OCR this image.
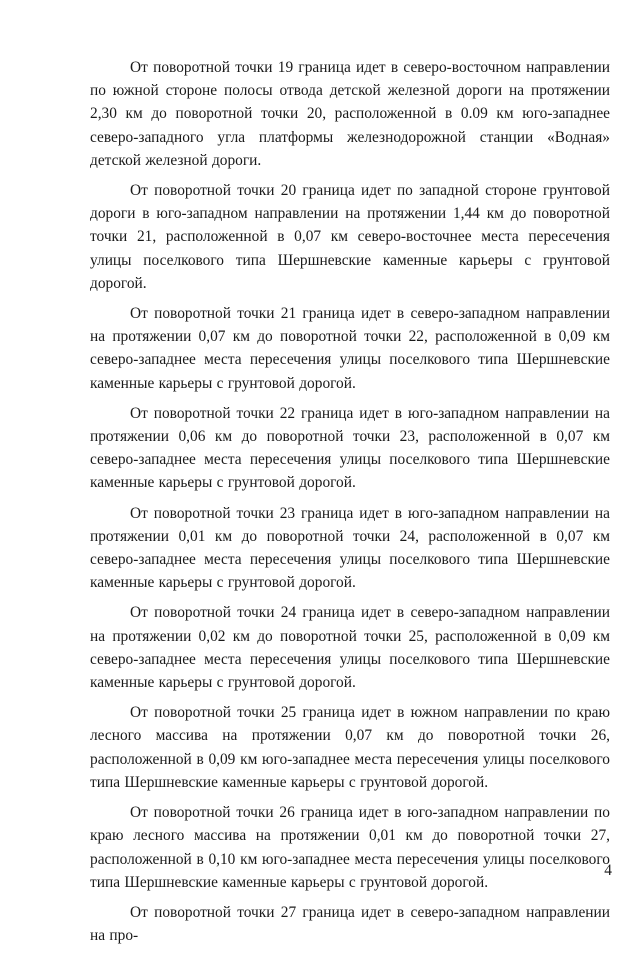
От поворотной точки 19 граница идет в северо-восточном направлении по южной стороне полосы отвода детской железной дороги на протяжении 2,30 км до поворотной точки 20, расположенной в 0.09 км юго-западнее северо-западного угла платформы железнодорожной станции «Водная» детской железной дороги.

От поворотной точки 20 граница идет по западной стороне грунтовой дороги в юго-западном направлении на протяжении 1,44 км до поворотной точки 21, расположенной в 0,07 км северо-восточнее места пересечения улицы поселкового типа Шершневские каменные карьеры с грунтовой дорогой.

От поворотной точки 21 граница идет в северо-западном направлении на протяжении 0,07 км до поворотной точки 22, расположенной в 0,09 км северо-западнее места пересечения улицы поселкового типа Шершневские каменные карьеры с грунтовой дорогой.

От поворотной точки 22 граница идет в юго-западном направлении на протяжении 0,06 км до поворотной точки 23, расположенной в 0,07 км северо-западнее места пересечения улицы поселкового типа Шершневские каменные карьеры с грунтовой дорогой.

От поворотной точки 23 граница идет в юго-западном направлении на протяжении 0,01 км до поворотной точки 24, расположенной в 0,07 км северо-западнее места пересечения улицы поселкового типа Шершневские каменные карьеры с грунтовой дорогой.

От поворотной точки 24 граница идет в северо-западном направлении на протяжении 0,02 км до поворотной точки 25, расположенной в 0,09 км северо-западнее места пересечения улицы поселкового типа Шершневские каменные карьеры с грунтовой дорогой.

От поворотной точки 25 граница идет в южном направлении по краю лесного массива на протяжении 0,07 км до поворотной точки 26, расположенной в 0,09 км юго-западнее места пересечения улицы поселкового типа Шершневские каменные карьеры с грунтовой дорогой.

От поворотной точки 26 граница идет в юго-западном направлении по краю лесного массива на протяжении 0,01 км до поворотной точки 27, расположенной в 0,10 км юго-западнее места пересечения улицы поселкового типа Шершневские каменные карьеры с грунтовой дорогой.

От поворотной точки 27 граница идет в северо-западном направлении на про-

4
